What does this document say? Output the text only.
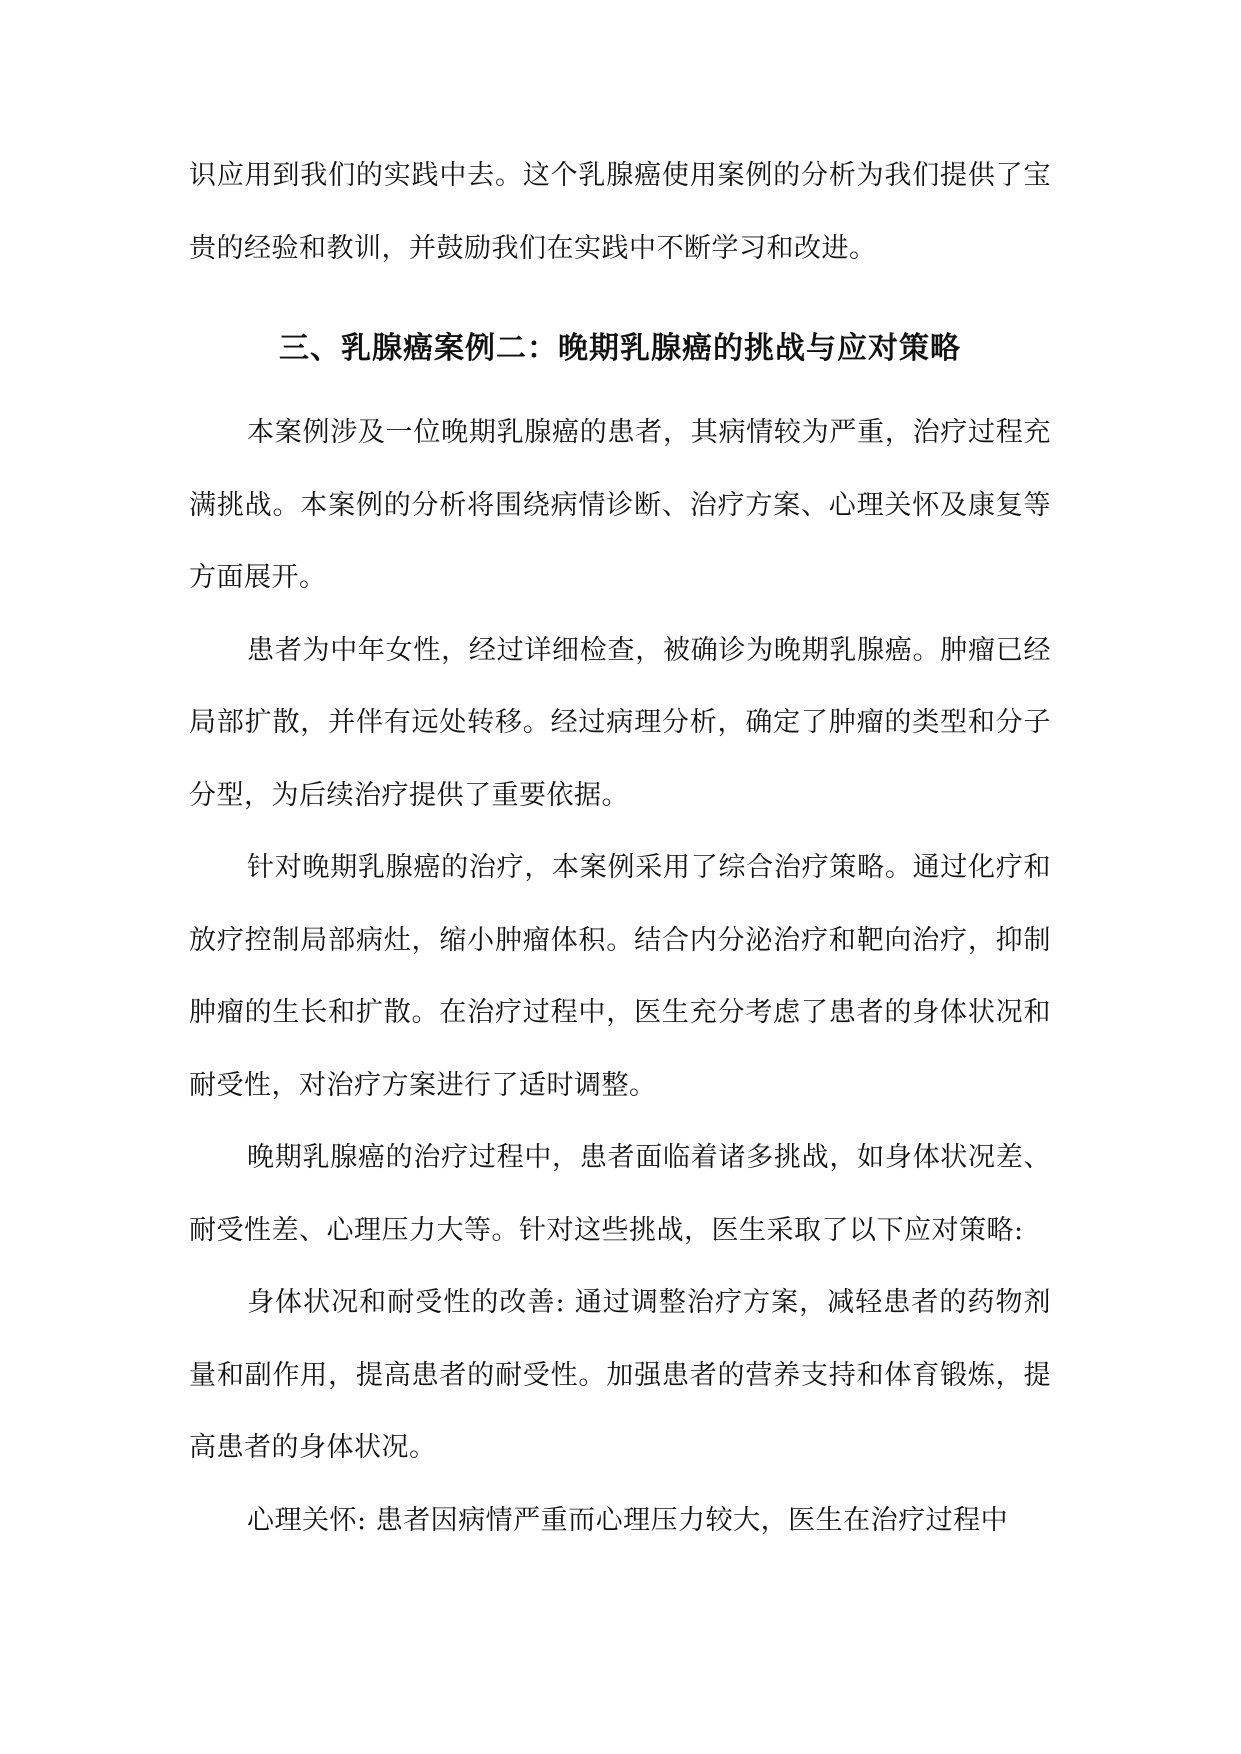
识应用到我们的实践中去。这个乳腺癌使用案例的分析为我们提供了宝贵的经验和教训，并鼓励我们在实践中不断学习和改进。

三、乳腺癌案例二：晚期乳腺癌的挑战与应对策略

本案例涉及一位晚期乳腺癌的患者，其病情较为严重，治疗过程充满挑战。本案例的分析将围绕病情诊断、治疗方案、心理关怀及康复等方面展开。

患者为中年女性，经过详细检查，被确诊为晚期乳腺癌。肿瘤已经局部扩散，并伴有远处转移。经过病理分析，确定了肿瘤的类型和分子分型，为后续治疗提供了重要依据。

针对晚期乳腺癌的治疗，本案例采用了综合治疗策略。通过化疗和放疗控制局部病灶，缩小肿瘤体积。结合内分泌治疗和靶向治疗，抑制肿瘤的生长和扩散。在治疗过程中，医生充分考虑了患者的身体状况和耐受性，对治疗方案进行了适时调整。

晚期乳腺癌的治疗过程中，患者面临着诸多挑战，如身体状况差、耐受性差、心理压力大等。针对这些挑战，医生采取了以下应对策略:

身体状况和耐受性的改善: 通过调整治疗方案，减轻患者的药物剂量和副作用，提高患者的耐受性。加强患者的营养支持和体育锻炼，提高患者的身体状况。

心理关怀: 患者因病情严重而心理压力较大，医生在治疗过程中
